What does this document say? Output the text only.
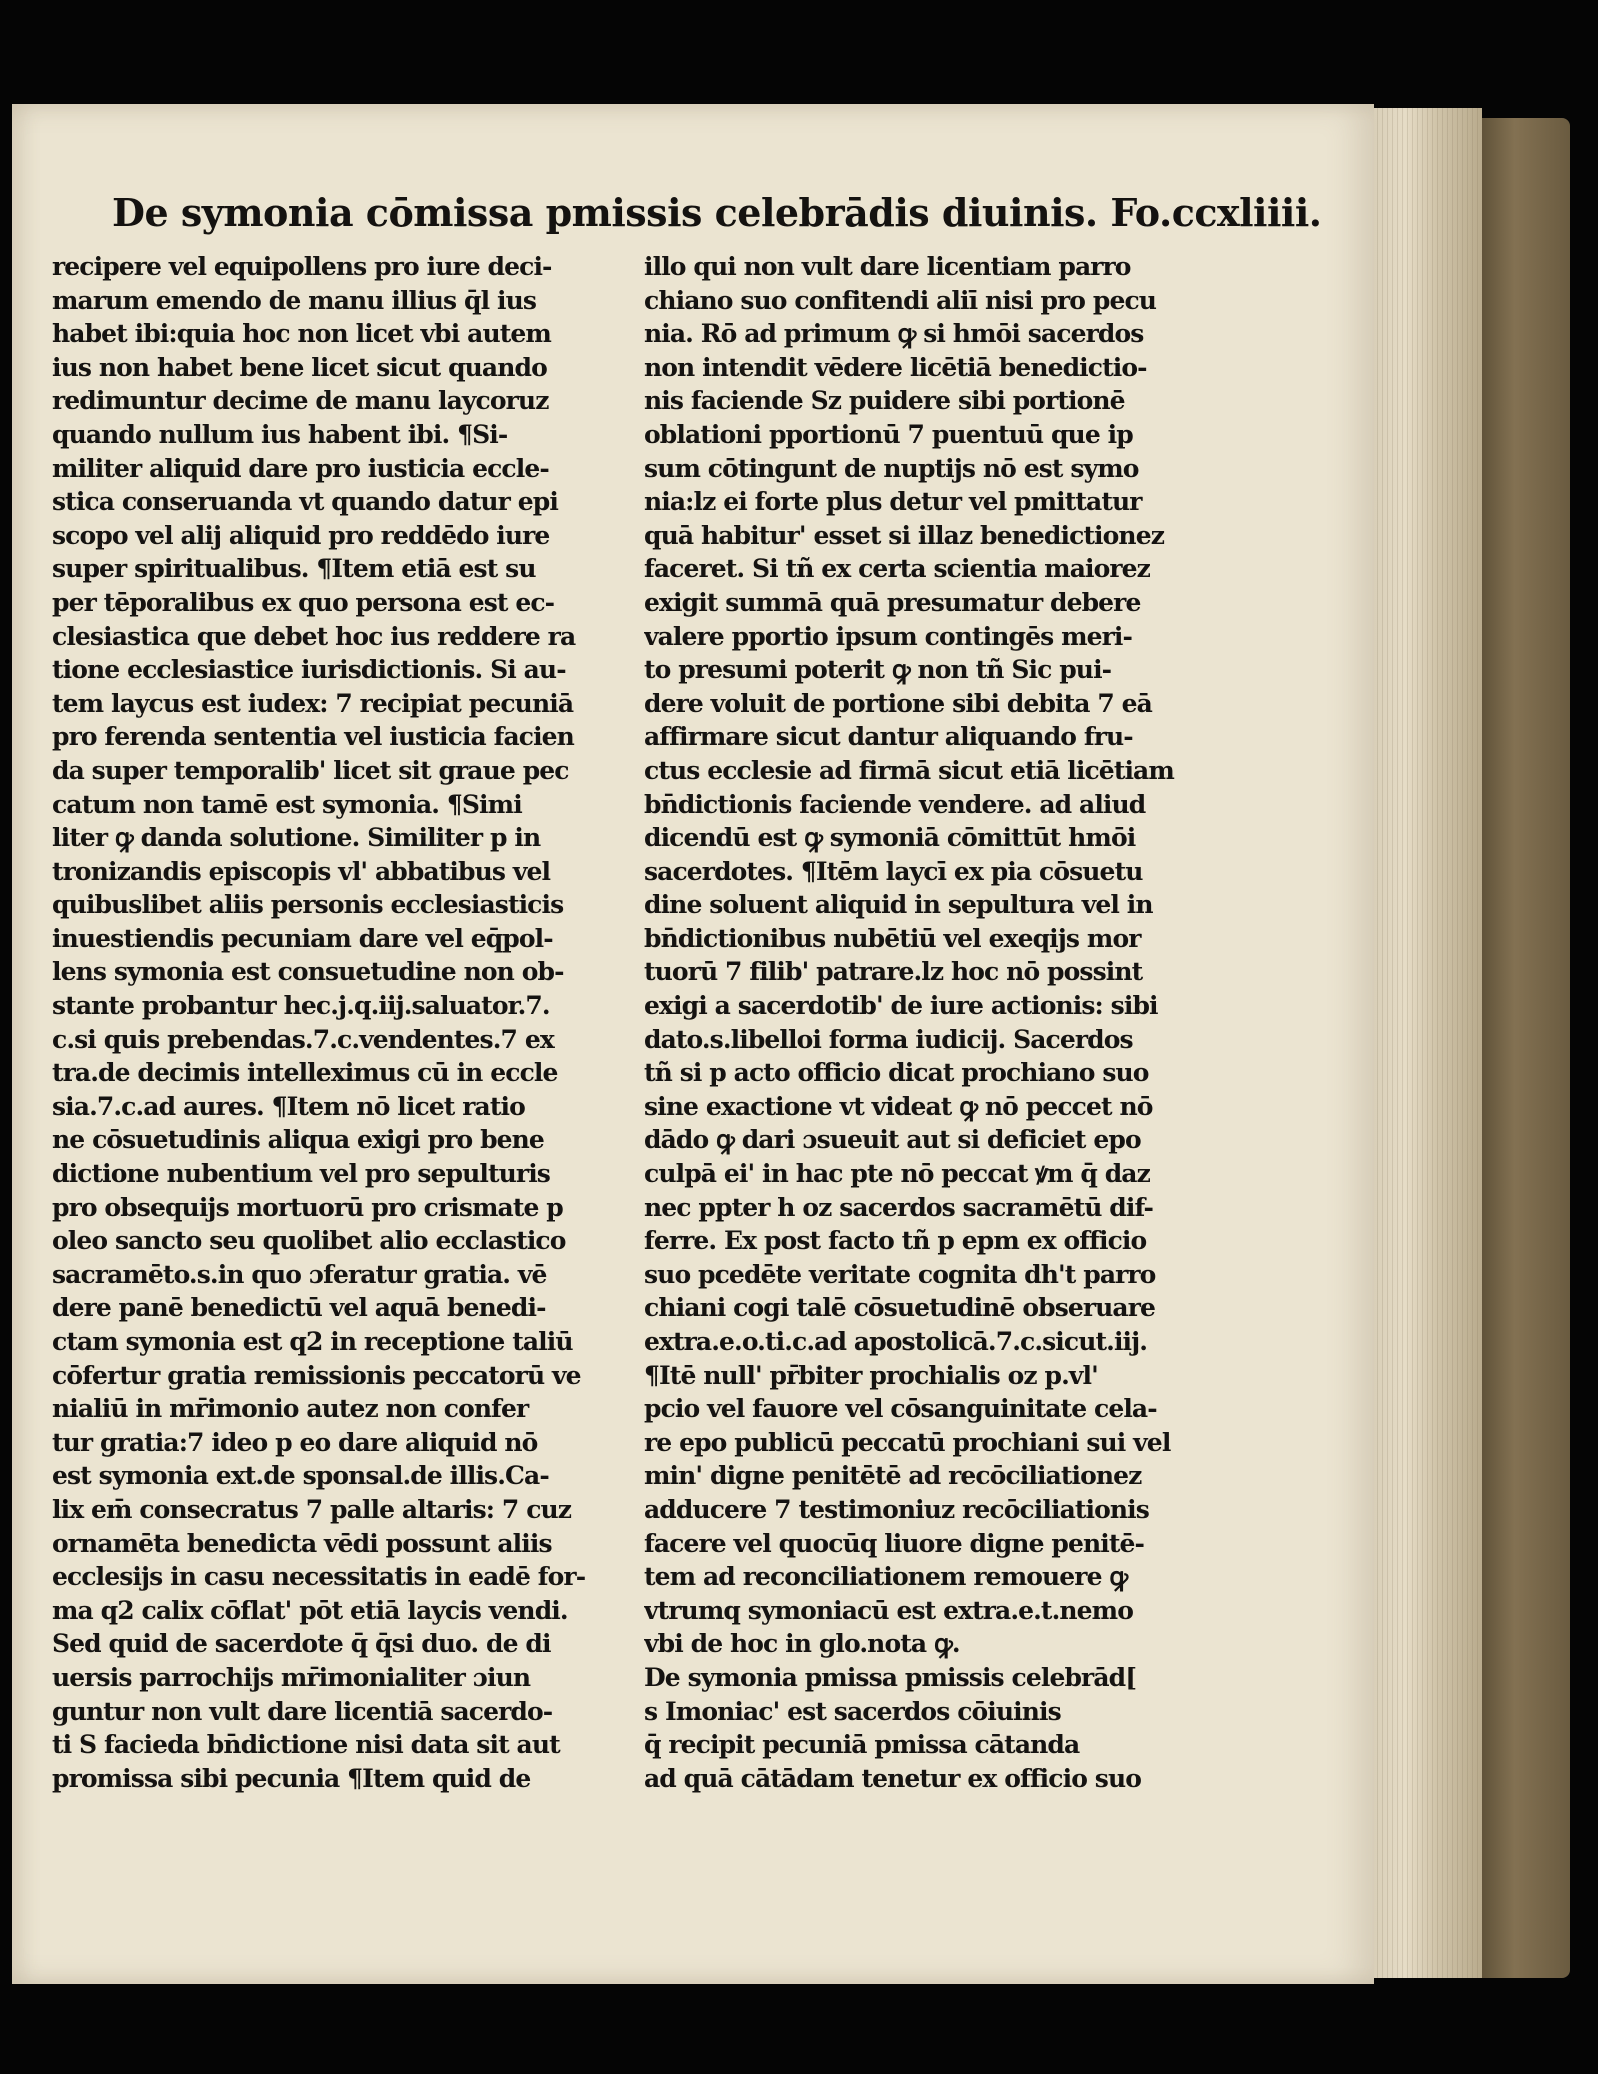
De symonia cōmissa pmissis celebrādis diuinis. Fo.ccxliiii.
recipere vel equipollens pro iure deci-
marum emendo de manu illius q̄l ius
habet ibi:quia hoc non licet vbi autem
ius non habet bene licet sicut quando
redimuntur decime de manu laycoruz
quando nullum ius habent ibi. ¶Si-
militer aliquid dare pro iusticia eccle-
stica conseruanda vt quando datur epi
scopo vel alij aliquid pro reddēdo iure
super spiritualibus. ¶Item etiā est su
per tēporalibus ex quo persona est ec-
clesiastica que debet hoc ius reddere ra
tione ecclesiastice iurisdictionis. Si au-
tem laycus est iudex: 7 recipiat pecuniā
pro ferenda sententia vel iusticia facien
da super temporalib' licet sit graue pec
catum non tamē est symonia. ¶Simi
liter ꝙ danda solutione. Similiter p in
tronizandis episcopis vl' abbatibus vel
quibuslibet aliis personis ecclesiasticis
inuestiendis pecuniam dare vel eq̄pol-
lens symonia est consuetudine non ob-
stante probantur hec.j.q.iij.saluator.7.
c.si quis prebendas.7.c.vendentes.7 ex
tra.de decimis intelleximus cū in eccle
sia.7.c.ad aures. ¶Item nō licet ratio
ne cōsuetudinis aliqua exigi pro bene
dictione nubentium vel pro sepulturis
pro obsequijs mortuorū pro crismate p
oleo sancto seu quolibet alio ecclastico
sacramēto.s.in quo ɔferatur gratia. vē
dere panē benedictū vel aquā benedi-
ctam symonia est q2 in receptione taliū
cōfertur gratia remissionis peccatorū ve
nialiū in mr̄imonio autez non confer
tur gratia:7 ideo p eo dare aliquid nō
est symonia ext.de sponsal.de illis.Ca-
lix em̄ consecratus 7 palle altaris: 7 cuz
ornamēta benedicta vēdi possunt aliis
ecclesijs in casu necessitatis in eadē for-
ma q2 calix cōflat' pōt etiā laycis vendi.
Sed quid de sacerdote q̄ q̄si duo. de di
uersis parrochijs mr̄imonialiter ɔiun
guntur non vult dare licentiā sacerdo-
ti S facieda bn̄dictione nisi data sit aut
promissa sibi pecunia ¶Item quid de
illo qui non vult dare licentiam parro
chiano suo confitendi aliī nisi pro pecu
nia. Rō ad primum ꝙ si hmōi sacerdos
non intendit vēdere licētiā benedictio-
nis faciende Sz puidere sibi portionē
oblationi pportionū 7 puentuū que ip
sum cōtingunt de nuptijs nō est symo
nia:lz ei forte plus detur vel pmittatur
quā habitur' esset si illaz benedictionez
faceret. Si tñ ex certa scientia maiorez
exigit summā quā presumatur debere
valere pportio ipsum contingēs meri-
to presumi poterit ꝙ non tñ Sic pui-
dere voluit de portione sibi debita 7 eā
affirmare sicut dantur aliquando fru-
ctus ecclesie ad firmā sicut etiā licētiam
bn̄dictionis faciende vendere. ad aliud
dicendū est ꝙ symoniā cōmittūt hmōi
sacerdotes. ¶Itēm laycī ex pia cōsuetu
dine soluent aliquid in sepultura vel in
bn̄dictionibus nubētiū vel exeqijs mor
tuorū 7 filib' patrare.lz hoc nō possint
exigi a sacerdotib' de iure actionis: sibi
dato.s.libelloi forma iudicij. Sacerdos
tñ si p acto officio dicat prochiano suo
sine exactione vt videat ꝙ nō peccet nō
dādo ꝙ dari ɔsueuit aut si deficiet epo
culpā ei' in hac pte nō peccat ꝟm q̄ daz
nec ppter h oz sacerdos sacramētū dif-
ferre. Ex post facto tñ p epm ex officio
suo pcedēte veritate cognita dh't parro
chiani cogi talē cōsuetudinē obseruare
extra.e.o.ti.c.ad apostolicā.7.c.sicut.iij.
¶Itē null' pr̄biter prochialis oz p.vl'
pcio vel fauore vel cōsanguinitate cela-
re epo publicū peccatū prochiani sui vel
min' digne penitētē ad recōciliationez
adducere 7 testimoniuz recōciliationis
facere vel quocūq liuore digne penitē-
tem ad reconciliationem remouere ꝙ
vtrumq symoniacū est extra.e.t.nemo
vbi de hoc in glo.nota ꝙ.
De symonia pmissa pmissis celebrād[
s Imoniac' est sacerdos cōiuinis
q̄ recipit pecuniā pmissa cātanda
ad quā cātādam tenetur ex officio suo
